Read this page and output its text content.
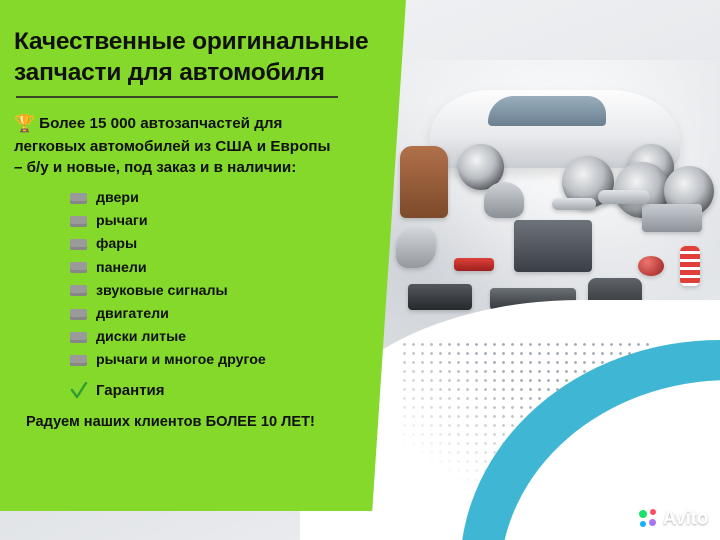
Качественные оригинальные
запчасти для автомобиля
🏆 Более 15 000 автозапчастей для
легковых автомобилей из США и Европы
– б/у и новые, под заказ и в наличии:
двери
рычаги
фары
панели
звуковые сигналы
двигатели
диски литые
рычаги и многое другое
Гарантия
Радуем наших клиентов БОЛЕЕ 10 ЛЕТ!
Avito
